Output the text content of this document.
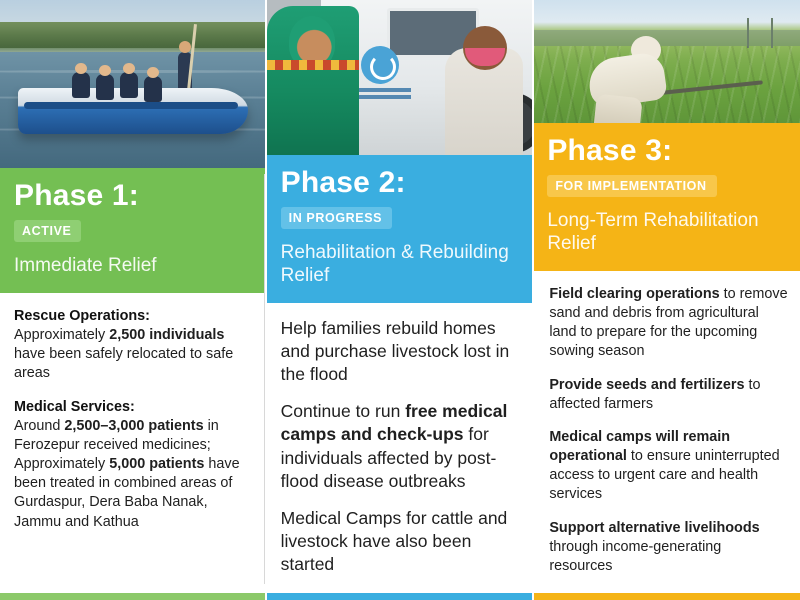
Phase 1:
ACTIVE
Immediate Relief
Rescue Operations:
Approximately 2,500 individuals have been safely relocated to safe areas
Medical Services:
Around 2,500–3,000 patients in Ferozepur received medicines; Approximately 5,000 patients have been treated in combined areas of Gurdaspur, Dera Baba Nanak, Jammu and Kathua
Phase 2:
IN PROGRESS
Rehabilitation & Rebuilding Relief
Help families rebuild homes and purchase livestock lost in the flood
Continue to run free medical camps and check-ups for individuals affected by post-flood disease outbreaks
Medical Camps for cattle and livestock have also been started
Phase 3:
FOR IMPLEMENTATION
Long-Term Rehabilitation Relief
Field clearing operations to remove sand and debris from agricultural land to prepare for the upcoming sowing season
Provide seeds and fertilizers to affected farmers
Medical camps will remain operational to ensure uninterrupted access to urgent care and health services
Support alternative livelihoods through income-generating resources
